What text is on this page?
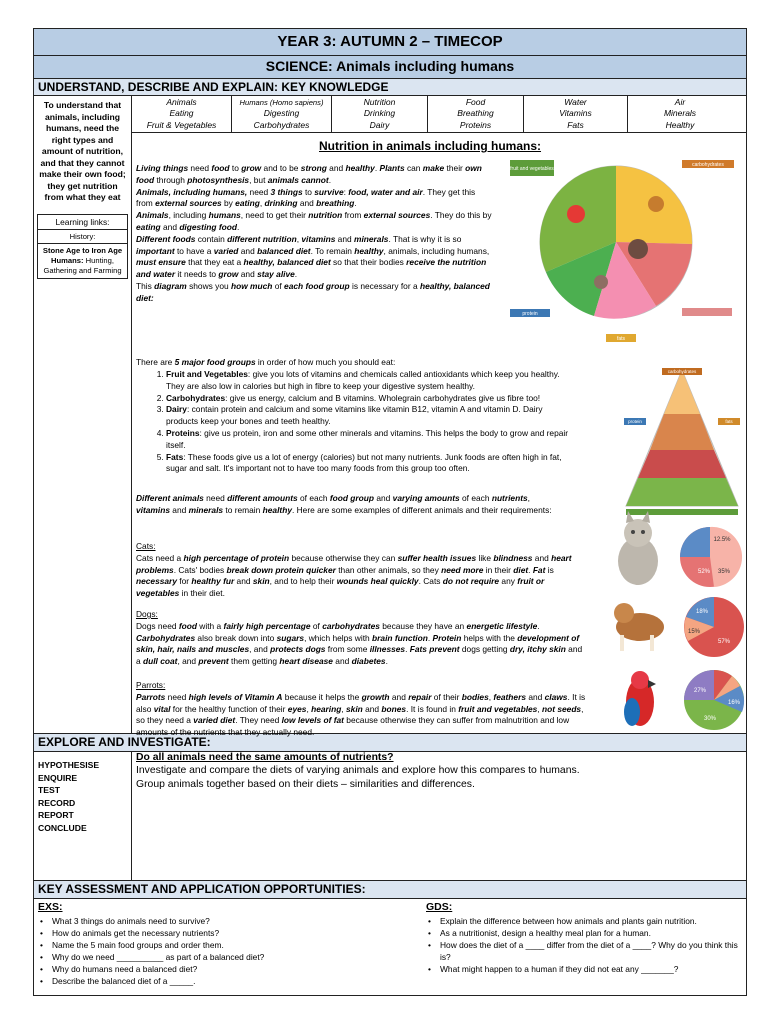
YEAR 3: AUTUMN 2 – TIMECOP
SCIENCE: Animals including humans
UNDERSTAND, DESCRIBE AND EXPLAIN: KEY KNOWLEDGE
To understand that animals, including humans, need the right types and amount of nutrition, and that they cannot make their own food; they get nutrition from what they eat
Learning links:
History:
Stone Age to Iron Age Humans: Hunting, Gathering and Farming
Animals
Eating
Fruit & Vegetables
Humans (Homo sapiens)
Digesting
Carbohydrates
Nutrition
Drinking
Dairy
Food
Breathing
Proteins
Water
Vitamins
Fats
Air
Minerals
Healthy
Nutrition in animals including humans:
Living things need food to grow and to be strong and healthy. Plants can make their own food through photosynthesis, but animals cannot.
Animals, including humans, need 3 things to survive: food, water and air. They get this from external sources by eating, drinking and breathing.
Animals, including humans, need to get their nutrition from external sources. They do this by eating and digesting food.
Different foods contain different nutrition, vitamins and minerals. That is why it is so important to have a varied and balanced diet. To remain healthy, animals, including humans, must ensure that they eat a healthy, balanced diet so that their bodies receive the nutrition and water it needs to grow and stay alive.
This diagram shows you how much of each food group is necessary for a healthy, balanced diet:
fruit and vegetables
carbohydrates
protein
fats
There are 5 major food groups in order of how much you should eat:
1. Fruit and Vegetables: give you lots of vitamins and chemicals called antioxidants which keep you healthy. They are also low in calories but high in fibre to keep your digestive system healthy.
2. Carbohydrates: give us energy, calcium and B vitamins. Wholegrain carbohydrates give us fibre too!
3. Dairy: contain protein and calcium and some vitamins like vitamin B12, vitamin A and vitamin D. Dairy products keep your bones and teeth healthy.
4. Proteins: give us protein, iron and some other minerals and vitamins. This helps the body to grow and repair itself.
5. Fats: These foods give us a lot of energy (calories) but not many nutrients. Junk foods are often high in fat, sugar and salt. It's important not to have too many foods from this group too often.
protein	fats
carbohydrates
Different animals need different amounts of each food group and varying amounts of each nutrients, vitamins and minerals to remain healthy. Here are some examples of different animals and their requirements:
Cats:
Cats need a high percentage of protein because otherwise they can suffer health issues like blindness and heart problems. Cats' bodies break down protein quicker than other animals, so they need more in their diet. Fat is necessary for healthy fur and skin, and to help their wounds heal quickly. Cats do not require any fruit or vegetables in their diet.
Dogs:
Dogs need food with a fairly high percentage of carbohydrates because they have an energetic lifestyle. Carbohydrates also break down into sugars, which helps with brain function. Protein helps with the development of skin, hair, nails and muscles, and protects dogs from some illnesses. Fats prevent dogs getting dry, itchy skin and a dull coat, and prevent them getting heart disease and diabetes.
Parrots:
Parrots need high levels of Vitamin A because it helps the growth and repair of their bodies, feathers and claws. It is also vital for the healthy function of their eyes, hearing, skin and bones. It is found in fruit and vegetables, not seeds, so they need a varied diet. They need low levels of fat because otherwise they can suffer from malnutrition and low amounts of the nutrients that they actually need.
52% 35%
12.5%
18%
15%
57%
27%
30%
16%
EXPLORE AND INVESTIGATE:
HYPOTHESISE
ENQUIRE
TEST
RECORD
REPORT
CONCLUDE
Do all animals need the same amounts of nutrients?
Investigate and compare the diets of varying animals and explore how this compares to humans.
Group animals together based on their diets – similarities and differences.
KEY ASSESSMENT AND APPLICATION OPPORTUNITIES:
EXS:
• What 3 things do animals need to survive?
• How do animals get the necessary nutrients?
• Name the 5 main food groups and order them.
• Why do we need __________ as part of a balanced diet?
• Why do humans need a balanced diet?
• Describe the balanced diet of a _____.
GDS:
• Explain the difference between how animals and plants gain nutrition.
• As a nutritionist, design a healthy meal plan for a human.
• How does the diet of a ____ differ from the diet of a ____? Why do you think this is?
• What might happen to a human if they did not eat any _______?
